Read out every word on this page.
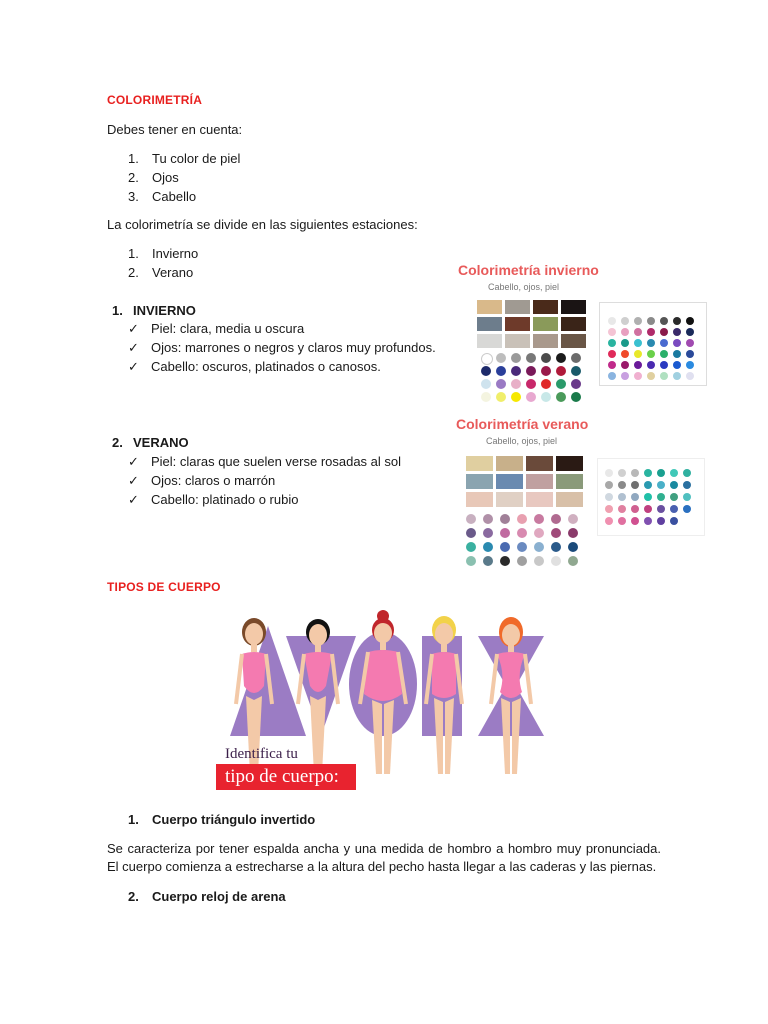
COLORIMETRÍA
Debes tener en cuenta:
1. Tu color de piel
2. Ojos
3. Cabello
La colorimetría se divide en las siguientes estaciones:
1. Invierno
2. Verano
1. INVIERNO
✓ Piel: clara, media u oscura
✓ Ojos: marrones o negros y claros muy profundos.
✓ Cabello: oscuros, platinados o canosos.
Colorimetría invierno
Cabello, ojos, piel
2. VERANO
✓ Piel: claras que suelen verse rosadas al sol
✓ Ojos: claros o marrón
✓ Cabello: platinado o rubio
Colorimetría verano
Cabello, ojos, piel
TIPOS DE CUERPO
Identifica tu
tipo de cuerpo:
1. Cuerpo triángulo invertido
Se caracteriza por tener espalda ancha y una medida de hombro a hombro muy pronunciada. El cuerpo comienza a estrecharse a la altura del pecho hasta llegar a las caderas y las piernas.
2. Cuerpo reloj de arena
